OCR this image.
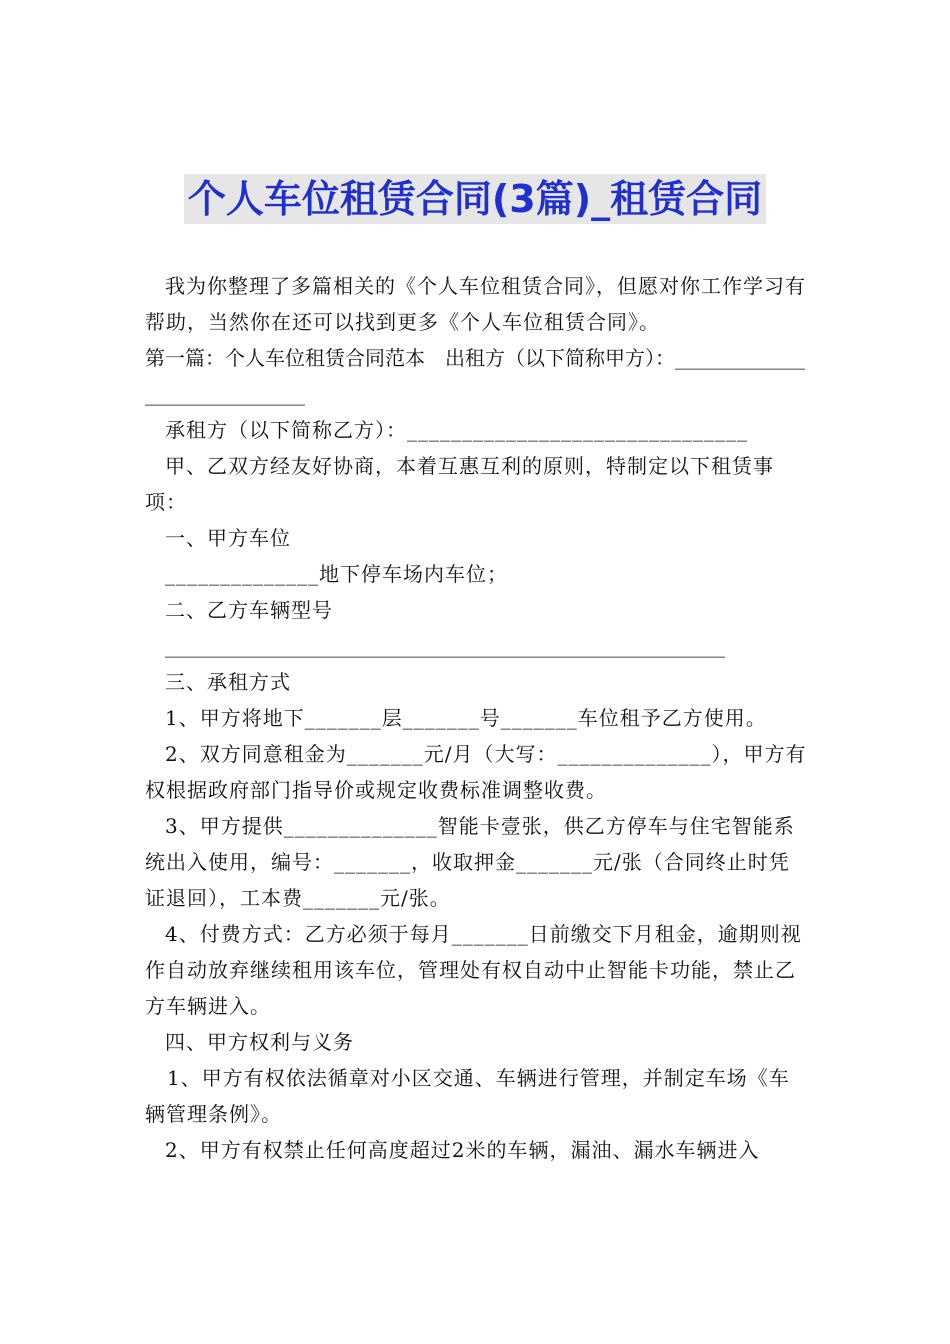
个人车位租赁合同(3篇)_租赁合同

我为你整理了多篇相关的《个人车位租赁合同》，但愿对你工作学习有帮助，当然你在还可以找到更多《个人车位租赁合同》。

第一篇：个人车位租赁合同范本　出租方（以下简称甲方）：_____________________________

承租方（以下简称乙方）：_______________________________

甲、乙双方经友好协商，本着互惠互利的原则，特制定以下租赁事项：

一、甲方车位

______________地下停车场内车位；

二、乙方车辆型号

________________________________________________________

三、承租方式

1、甲方将地下_______层_______号_______车位租予乙方使用。

2、双方同意租金为_______元/月（大写：______________），甲方有权根据政府部门指导价或规定收费标准调整收费。

3、甲方提供______________智能卡壹张，供乙方停车与住宅智能系统出入使用，编号：_______，收取押金_______元/张（合同终止时凭证退回），工本费_______元/张。

4、付费方式：乙方必须于每月_______日前缴交下月租金，逾期则视作自动放弃继续租用该车位，管理处有权自动中止智能卡功能，禁止乙方车辆进入。

四、甲方权利与义务

1、甲方有权依法循章对小区交通、车辆进行管理，并制定车场《车辆管理条例》。

2、甲方有权禁止任何高度超过2米的车辆，漏油、漏水车辆进入
